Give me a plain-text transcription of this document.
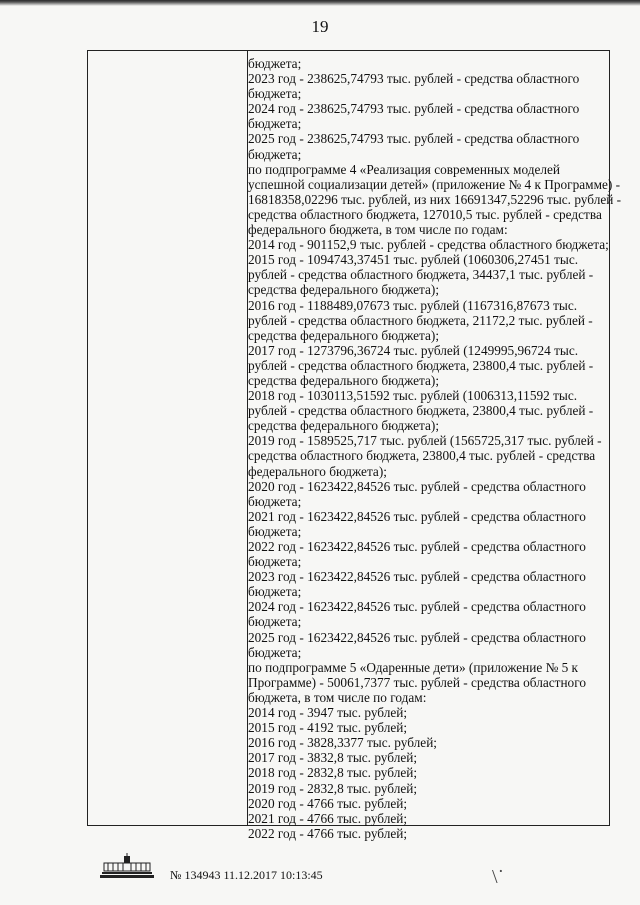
19
бюджета;
2023 год - 238625,74793 тыс. рублей - средства областного
бюджета;
2024 год - 238625,74793 тыс. рублей - средства областного
бюджета;
2025 год - 238625,74793 тыс. рублей - средства областного
бюджета;
по подпрограмме 4 «Реализация современных моделей
успешной социализации детей» (приложение № 4 к Программе) -
16818358,02296 тыс. рублей, из них 16691347,52296 тыс. рублей -
средства областного бюджета, 127010,5 тыс. рублей - средства
федерального бюджета, в том числе по годам:
2014 год - 901152,9 тыс. рублей - средства областного бюджета;
2015 год - 1094743,37451 тыс. рублей (1060306,27451 тыс.
рублей - средства областного бюджета, 34437,1 тыс. рублей -
средства федерального бюджета);
2016 год - 1188489,07673 тыс. рублей (1167316,87673 тыс.
рублей - средства областного бюджета, 21172,2 тыс. рублей -
средства федерального бюджета);
2017 год - 1273796,36724 тыс. рублей (1249995,96724 тыс.
рублей - средства областного бюджета, 23800,4 тыс. рублей -
средства федерального бюджета);
2018 год - 1030113,51592 тыс. рублей (1006313,11592 тыс.
рублей - средства областного бюджета, 23800,4 тыс. рублей -
средства федерального бюджета);
2019 год - 1589525,717 тыс. рублей (1565725,317 тыс. рублей -
средства областного бюджета, 23800,4 тыс. рублей - средства
федерального бюджета);
2020 год - 1623422,84526 тыс. рублей - средства областного
бюджета;
2021 год - 1623422,84526 тыс. рублей - средства областного
бюджета;
2022 год - 1623422,84526 тыс. рублей - средства областного
бюджета;
2023 год - 1623422,84526 тыс. рублей - средства областного
бюджета;
2024 год - 1623422,84526 тыс. рублей - средства областного
бюджета;
2025 год - 1623422,84526 тыс. рублей - средства областного
бюджета;
по подпрограмме 5 «Одаренные дети» (приложение № 5 к
Программе) - 50061,7377 тыс. рублей - средства областного
бюджета, в том числе по годам:
2014 год - 3947 тыс. рублей;
2015 год - 4192 тыс. рублей;
2016 год - 3828,3377 тыс. рублей;
2017 год - 3832,8 тыс. рублей;
2018 год - 2832,8 тыс. рублей;
2019 год - 2832,8 тыс. рублей;
2020 год - 4766 тыс. рублей;
2021 год - 4766 тыс. рублей;
2022 год - 4766 тыс. рублей;
№ 134943 11.12.2017 10:13:45	\˙
